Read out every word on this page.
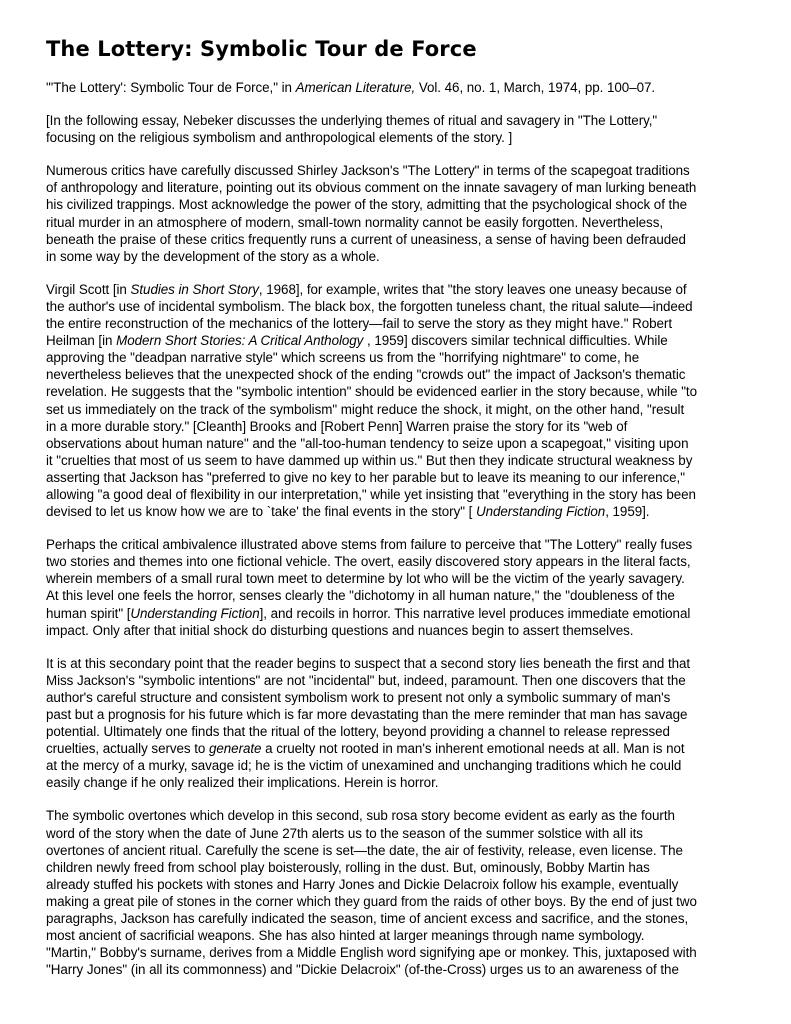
The Lottery: Symbolic Tour de Force
"'The Lottery': Symbolic Tour de Force," in American Literature, Vol. 46, no. 1, March, 1974, pp. 100–07.
[In the following essay, Nebeker discusses the underlying themes of ritual and savagery in "The Lottery,"
focusing on the religious symbolism and anthropological elements of the story. ]
Numerous critics have carefully discussed Shirley Jackson's "The Lottery" in terms of the scapegoat traditions
of anthropology and literature, pointing out its obvious comment on the innate savagery of man lurking beneath
his civilized trappings. Most acknowledge the power of the story, admitting that the psychological shock of the
ritual murder in an atmosphere of modern, small-town normality cannot be easily forgotten. Nevertheless,
beneath the praise of these critics frequently runs a current of uneasiness, a sense of having been defrauded
in some way by the development of the story as a whole.
Virgil Scott [in Studies in Short Story, 1968], for example, writes that "the story leaves one uneasy because of
the author's use of incidental symbolism. The black box, the forgotten tuneless chant, the ritual salute—indeed
the entire reconstruction of the mechanics of the lottery—fail to serve the story as they might have." Robert
Heilman [in Modern Short Stories: A Critical Anthology , 1959] discovers similar technical difficulties. While
approving the "deadpan narrative style" which screens us from the "horrifying nightmare" to come, he
nevertheless believes that the unexpected shock of the ending "crowds out" the impact of Jackson's thematic
revelation. He suggests that the "symbolic intention" should be evidenced earlier in the story because, while "to
set us immediately on the track of the symbolism" might reduce the shock, it might, on the other hand, "result
in a more durable story." [Cleanth] Brooks and [Robert Penn] Warren praise the story for its "web of
observations about human nature" and the "all-too-human tendency to seize upon a scapegoat," visiting upon
it "cruelties that most of us seem to have dammed up within us." But then they indicate structural weakness by
asserting that Jackson has "preferred to give no key to her parable but to leave its meaning to our inference,"
allowing "a good deal of flexibility in our interpretation," while yet insisting that "everything in the story has been
devised to let us know how we are to `take' the final events in the story" [ Understanding Fiction, 1959].
Perhaps the critical ambivalence illustrated above stems from failure to perceive that "The Lottery" really fuses
two stories and themes into one fictional vehicle. The overt, easily discovered story appears in the literal facts,
wherein members of a small rural town meet to determine by lot who will be the victim of the yearly savagery.
At this level one feels the horror, senses clearly the "dichotomy in all human nature," the "doubleness of the
human spirit" [Understanding Fiction], and recoils in horror. This narrative level produces immediate emotional
impact. Only after that initial shock do disturbing questions and nuances begin to assert themselves.
It is at this secondary point that the reader begins to suspect that a second story lies beneath the first and that
Miss Jackson's "symbolic intentions" are not "incidental" but, indeed, paramount. Then one discovers that the
author's careful structure and consistent symbolism work to present not only a symbolic summary of man's
past but a prognosis for his future which is far more devastating than the mere reminder that man has savage
potential. Ultimately one finds that the ritual of the lottery, beyond providing a channel to release repressed
cruelties, actually serves to generate a cruelty not rooted in man's inherent emotional needs at all. Man is not
at the mercy of a murky, savage id; he is the victim of unexamined and unchanging traditions which he could
easily change if he only realized their implications. Herein is horror.
The symbolic overtones which develop in this second, sub rosa story become evident as early as the fourth
word of the story when the date of June 27th alerts us to the season of the summer solstice with all its
overtones of ancient ritual. Carefully the scene is set—the date, the air of festivity, release, even license. The
children newly freed from school play boisterously, rolling in the dust. But, ominously, Bobby Martin has
already stuffed his pockets with stones and Harry Jones and Dickie Delacroix follow his example, eventually
making a great pile of stones in the corner which they guard from the raids of other boys. By the end of just two
paragraphs, Jackson has carefully indicated the season, time of ancient excess and sacrifice, and the stones,
most ancient of sacrificial weapons. She has also hinted at larger meanings through name symbology.
"Martin," Bobby's surname, derives from a Middle English word signifying ape or monkey. This, juxtaposed with
"Harry Jones" (in all its commonness) and "Dickie Delacroix" (of-the-Cross) urges us to an awareness of the
